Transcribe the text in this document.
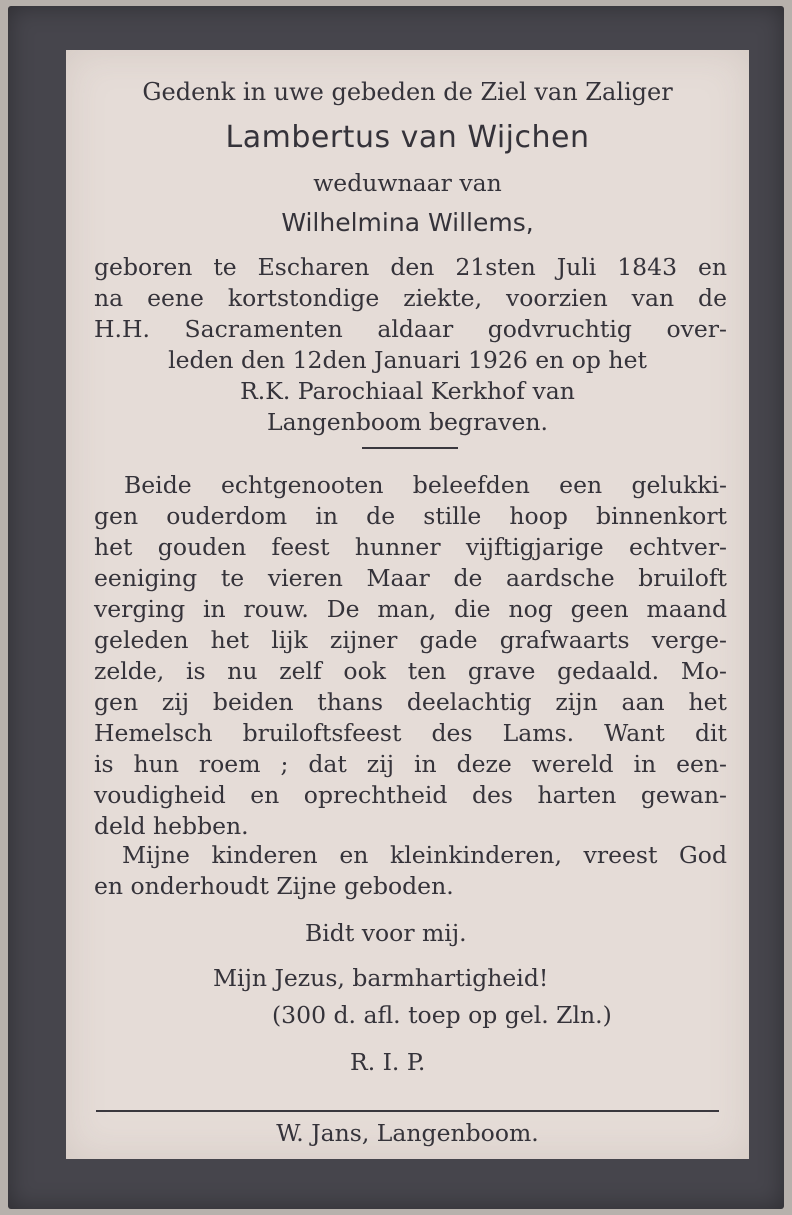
Gedenk in uwe gebeden de Ziel van Zaliger
Lambertus van Wijchen
weduwnaar van
Wilhelmina Willems,
geboren te Escharen den 21sten Juli 1843 en
na eene kortstondige ziekte, voorzien van de
H.H. Sacramenten aldaar godvruchtig over-
leden den 12den Januari 1926 en op het
R.K. Parochiaal Kerkhof van
Langenboom begraven.
Beide echtgenooten beleefden een gelukki-
gen ouderdom in de stille hoop binnenkort
het gouden feest hunner vijftigjarige echtver-
eeniging te vieren Maar de aardsche bruiloft
verging in rouw. De man, die nog geen maand
geleden het lijk zijner gade grafwaarts verge-
zelde, is nu zelf ook ten grave gedaald. Mo-
gen zij beiden thans deelachtig zijn aan het
Hemelsch bruiloftsfeest des Lams. Want dit
is hun roem ; dat zij in deze wereld in een-
voudigheid en oprechtheid des harten gewan-
deld hebben.
Mijne kinderen en kleinkinderen, vreest God
en onderhoudt Zijne geboden.
Bidt voor mij.
Mijn Jezus, barmhartigheid!
(300 d. afl. toep op gel. Zln.)
R. I. P.
W. Jans, Langenboom.
